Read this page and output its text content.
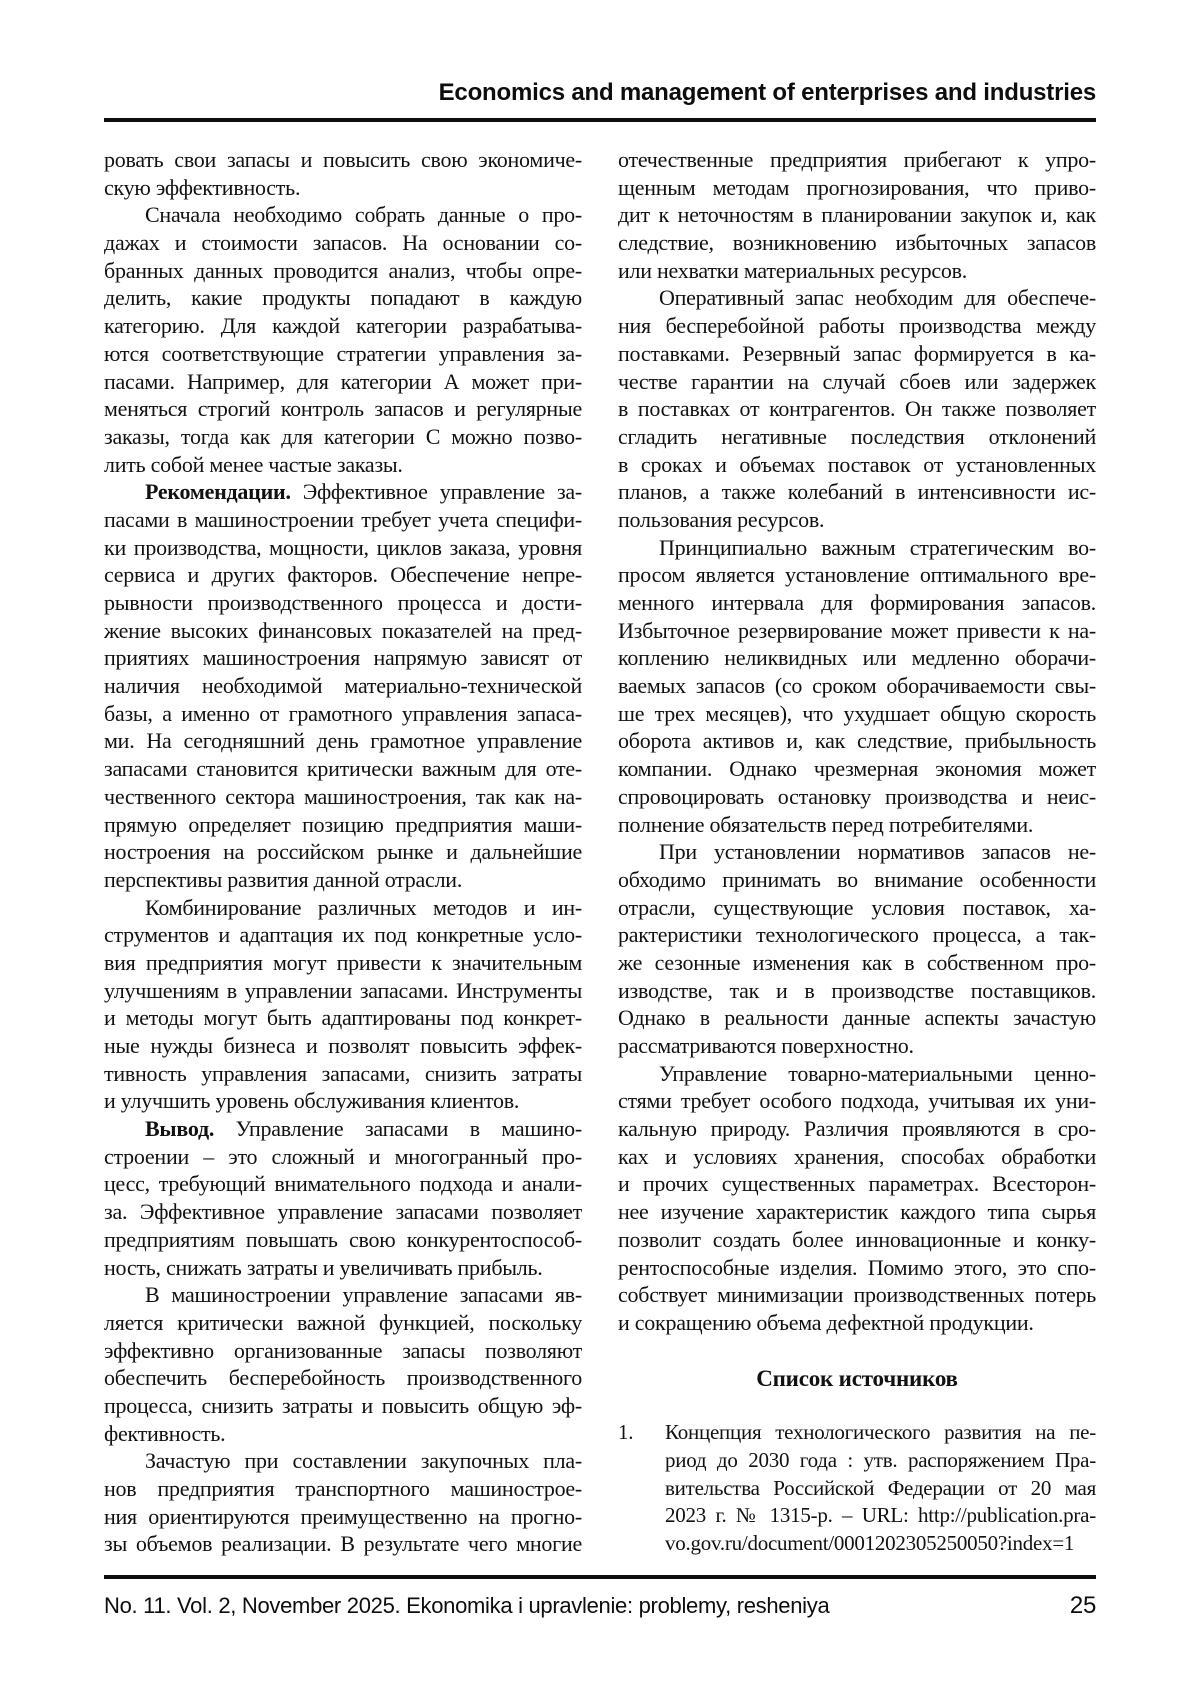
Economics and management of enterprises and industries
ровать свои запасы и повысить свою экономиче-
скую эффективность.
Сначала необходимо собрать данные о про-
дажах и стоимости запасов. На основании со-
бранных данных проводится анализ, чтобы опре-
делить, какие продукты попадают в каждую
категорию. Для каждой категории разрабатыва-
ются соответствующие стратегии управления за-
пасами. Например, для категории А может при-
меняться строгий контроль запасов и регулярные
заказы, тогда как для категории С можно позво-
лить собой менее частые заказы.
Рекомендации. Эффективное управление за-
пасами в машиностроении требует учета специфи-
ки производства, мощности, циклов заказа, уровня
сервиса и других факторов. Обеспечение непре-
рывности производственного процесса и дости-
жение высоких финансовых показателей на пред-
приятиях машиностроения напрямую зависят от
наличия необходимой материально-технической
базы, а именно от грамотного управления запаса-
ми. На сегодняшний день грамотное управление
запасами становится критически важным для оте-
чественного сектора машиностроения, так как на-
прямую определяет позицию предприятия маши-
ностроения на российском рынке и дальнейшие
перспективы развития данной отрасли.
Комбинирование различных методов и ин-
струментов и адаптация их под конкретные усло-
вия предприятия могут привести к значительным
улучшениям в управлении запасами. Инструменты
и методы могут быть адаптированы под конкрет-
ные нужды бизнеса и позволят повысить эффек-
тивность управления запасами, снизить затраты
и улучшить уровень обслуживания клиентов.
Вывод. Управление запасами в машино-
строении – это сложный и многогранный про-
цесс, требующий внимательного подхода и анали-
за. Эффективное управление запасами позволяет
предприятиям повышать свою конкурентоспособ-
ность, снижать затраты и увеличивать прибыль.
В машиностроении управление запасами яв-
ляется критически важной функцией, поскольку
эффективно организованные запасы позволяют
обеспечить бесперебойность производственного
процесса, снизить затраты и повысить общую эф-
фективность.
Зачастую при составлении закупочных пла-
нов предприятия транспортного машиностроe-
ния ориентируются преимущественно на прогно-
зы объемов реализации. В результате чего многие
отечественные предприятия прибегают к упро-
щенным методам прогнозирования, что приво-
дит к неточностям в планировании закупок и, как
следствие, возникновению избыточных запасов
или нехватки материальных ресурсов.
Оперативный запас необходим для обеспече-
ния бесперебойной работы производства между
поставками. Резервный запас формируется в ка-
честве гарантии на случай сбоев или задержек
в поставках от контрагентов. Он также позволяет
сгладить негативные последствия отклонений
в сроках и объемах поставок от установленных
планов, а также колебаний в интенсивности ис-
пользования ресурсов.
Принципиально важным стратегическим во-
просом является установление оптимального вре-
менного интервала для формирования запасов.
Избыточное резервирование может привести к на-
коплению неликвидных или медленно оборачи-
ваемых запасов (со сроком оборачиваемости свы-
ше трех месяцев), что ухудшает общую скорость
оборота активов и, как следствие, прибыльность
компании. Однако чрезмерная экономия может
спровоцировать остановку производства и неис-
полнение обязательств перед потребителями.
При установлении нормативов запасов не-
обходимо принимать во внимание особенности
отрасли, существующие условия поставок, ха-
рактеристики технологического процесса, а так-
же сезонные изменения как в собственном про-
изводстве, так и в производстве поставщиков.
Однако в реальности данные аспекты зачастую
рассматриваются поверхностно.
Управление товарно-материальными ценно-
стями требует особого подхода, учитывая их уни-
кальную природу. Различия проявляются в сро-
ках и условиях хранения, способах обработки
и прочих существенных параметрах. Всесторон-
нее изучение характеристик каждого типа сырья
позволит создать более инновационные и конку-
рентоспособные изделия. Помимо этого, это спо-
собствует минимизации производственных потерь
и сокращению объема дефектной продукции.
Список источников
1.	Концепция технологического развития на пе-
риод до 2030 года : утв. распоряжением Пра-
вительства Российской Федерации от 20 мая
2023 г. № 1315-р. – URL: http://publication.pra-
vo.gov.ru/document/0001202305250050?index=1
No. 11. Vol. 2, November 2025. Ekonomika i upravlenie: problemy, resheniya	25
